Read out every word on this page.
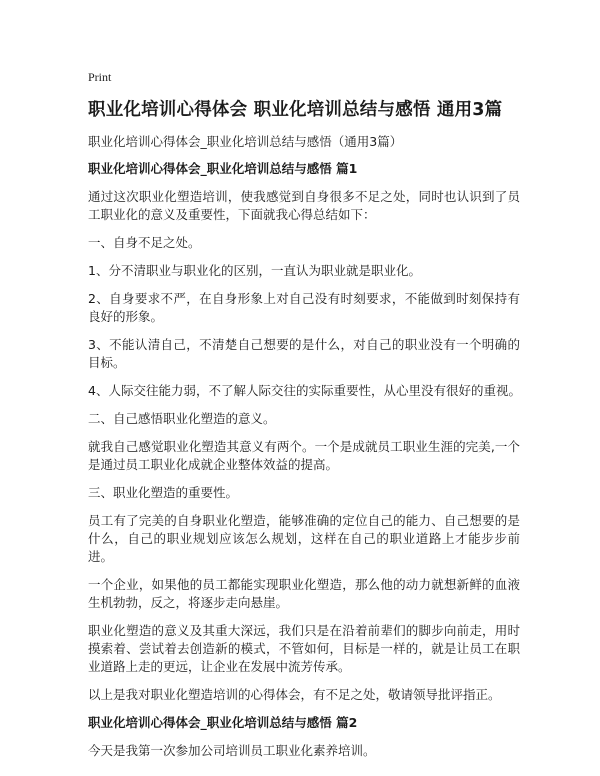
Print
职业化培训心得体会 职业化培训总结与感悟 通用3篇
职业化培训心得体会_职业化培训总结与感悟（通用3篇）
职业化培训心得体会_职业化培训总结与感悟 篇1

通过这次职业化塑造培训，使我感觉到自身很多不足之处，同时也认识到了员工职业化的意义及重要性，下面就我心得总结如下：

一、自身不足之处。

1、分不清职业与职业化的区别，一直认为职业就是职业化。

2、自身要求不严，在自身形象上对自己没有时刻要求，不能做到时刻保持有良好的形象。

3、不能认清自己，不清楚自己想要的是什么，对自己的职业没有一个明确的目标。

4、人际交往能力弱，不了解人际交往的实际重要性，从心里没有很好的重视。

二、自己感悟职业化塑造的意义。

就我自己感觉职业化塑造其意义有两个。一个是成就员工职业生涯的完美,一个是通过员工职业化成就企业整体效益的提高。

三、职业化塑造的重要性。

员工有了完美的自身职业化塑造，能够准确的定位自己的能力、自己想要的是什么，自己的职业规划应该怎么规划，这样在自己的职业道路上才能步步前进。

一个企业，如果他的员工都能实现职业化塑造，那么他的动力就想新鲜的血液生机勃勃，反之，将逐步走向悬崖。

职业化塑造的意义及其重大深远，我们只是在沿着前辈们的脚步向前走，用时摸索着、尝试着去创造新的模式，不管如何，目标是一样的，就是让员工在职业道路上走的更远，让企业在发展中流芳传承。

以上是我对职业化塑造培训的心得体会，有不足之处，敬请领导批评指正。

职业化培训心得体会_职业化培训总结与感悟 篇2

今天是我第一次参加公司培训员工职业化素养培训。
